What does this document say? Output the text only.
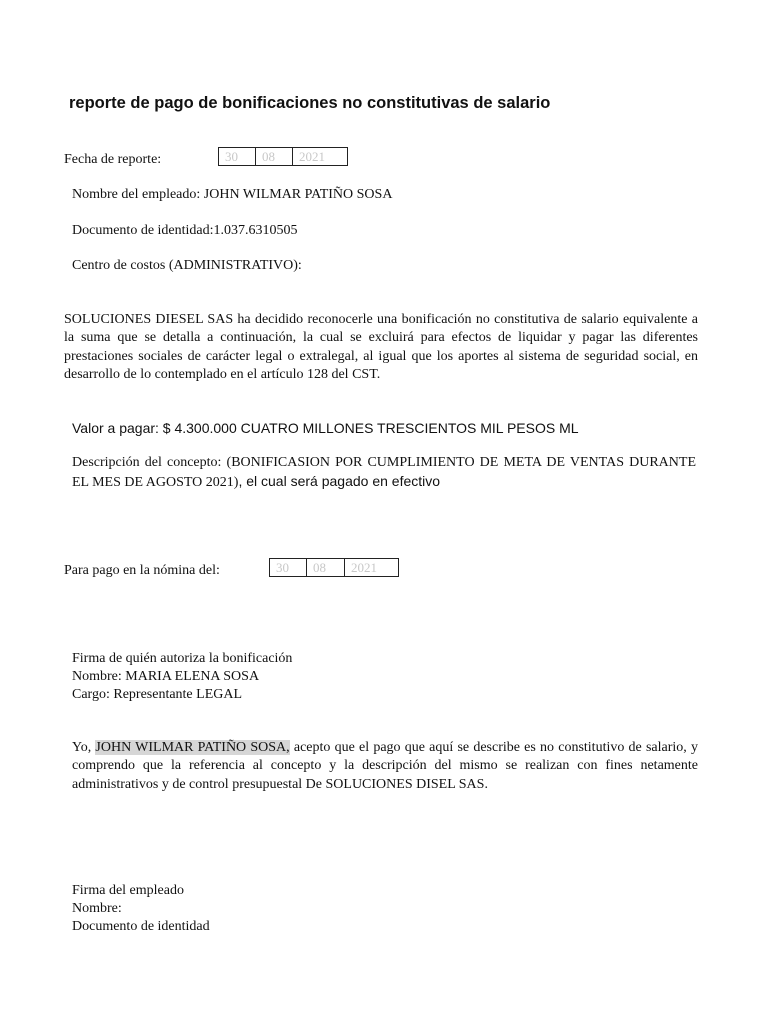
reporte de pago de bonificaciones no constitutivas de salario
Fecha de reporte:	30	08	2021
Nombre del empleado: JOHN WILMAR PATIÑO SOSA
Documento de identidad:1.037.6310505
Centro de costos (ADMINISTRATIVO):
SOLUCIONES DIESEL SAS ha decidido reconocerle una bonificación no constitutiva de salario equivalente a la suma que se detalla a continuación, la cual se excluirá para efectos de liquidar y pagar las diferentes prestaciones sociales de carácter legal o extralegal, al igual que los aportes al sistema de seguridad social, en desarrollo de lo contemplado en el artículo 128 del CST.
Valor a pagar: $ 4.300.000 CUATRO MILLONES TRESCIENTOS MIL PESOS ML
Descripción del concepto: (BONIFICASION POR CUMPLIMIENTO DE META DE VENTAS DURANTE EL MES DE AGOSTO 2021), el cual será pagado en efectivo
Para pago en la nómina del:	30	08	2021
Firma de quién autoriza la bonificación
Nombre: MARIA ELENA SOSA
Cargo: Representante LEGAL
Yo, JOHN WILMAR PATIÑO SOSA, acepto que el pago que aquí se describe es no constitutivo de salario, y comprendo que la referencia al concepto y la descripción del mismo se realizan con fines netamente administrativos y de control presupuestal De SOLUCIONES DISEL SAS.
Firma del empleado
Nombre:
Documento de identidad
